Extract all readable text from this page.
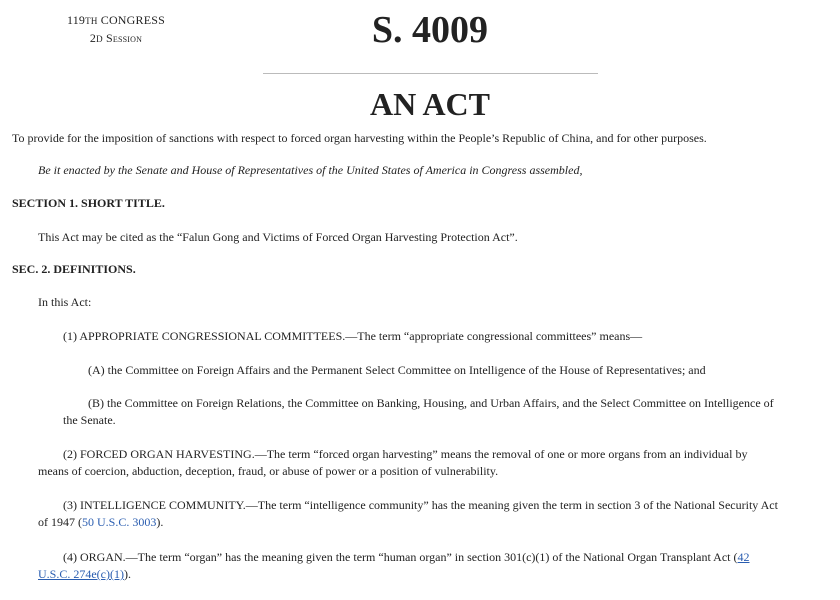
119TH CONGRESS
2D Session	S. 4009
AN ACT
To provide for the imposition of sanctions with respect to forced organ harvesting within the People’s Republic of China, and for other purposes.
Be it enacted by the Senate and House of Representatives of the United States of America in Congress assembled,
SECTION 1. SHORT TITLE.
This Act may be cited as the “Falun Gong and Victims of Forced Organ Harvesting Protection Act”.
SEC. 2. DEFINITIONS.
In this Act:
(1) APPROPRIATE CONGRESSIONAL COMMITTEES.—The term “appropriate congressional committees” means—
(A) the Committee on Foreign Affairs and the Permanent Select Committee on Intelligence of the House of Representatives; and
(B) the Committee on Foreign Relations, the Committee on Banking, Housing, and Urban Affairs, and the Select Committee on Intelligence of
the Senate.
(2) FORCED ORGAN HARVESTING.—The term “forced organ harvesting” means the removal of one or more organs from an individual by
means of coercion, abduction, deception, fraud, or abuse of power or a position of vulnerability.
(3) INTELLIGENCE COMMUNITY.—The term “intelligence community” has the meaning given the term in section 3 of the National Security Act
of 1947 (50 U.S.C. 3003).
(4) ORGAN.—The term “organ” has the meaning given the term “human organ” in section 301(c)(1) of the National Organ Transplant Act (42
U.S.C. 274e(c)(1)).
